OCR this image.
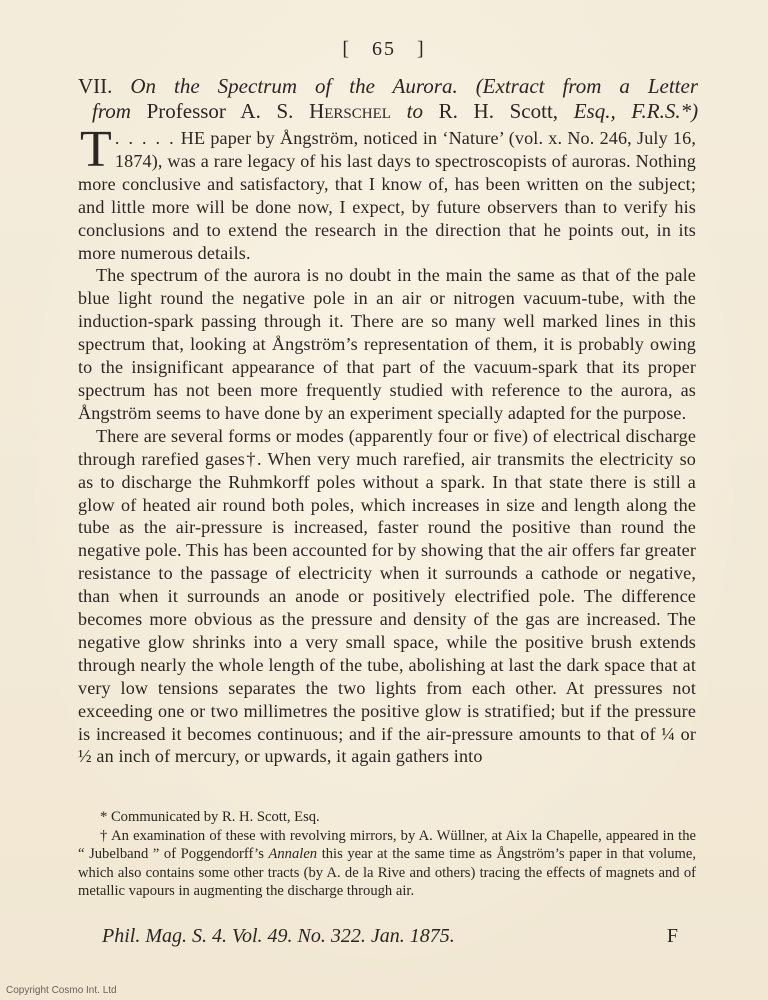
[ 65 ]
VII. On the Spectrum of the Aurora. (Extract from a Letter
from Professor A. S. Herschel to R. H. Scott, Esq., F.R.S.*)

. . . . .
T	HE paper by Ångström, noticed in ‘Nature’ (vol. x. No. 246, July 16, 1874), was a rare legacy of his last days to spectroscopists of auroras. Nothing more conclusive and satisfactory, that I know of, has been written on the subject; and little more will be done now, I expect, by future observers than to verify his conclusions and to extend the research in the direction that he points out, in its more numerous details.

The spectrum of the aurora is no doubt in the main the same as that of the pale blue light round the negative pole in an air or nitrogen vacuum-tube, with the induction-spark passing through it. There are so many well marked lines in this spectrum that, looking at Ångström’s representation of them, it is probably owing to the insignificant appearance of that part of the vacuum-spark that its proper spectrum has not been more frequently studied with reference to the aurora, as Ångström seems to have done by an experiment specially adapted for the purpose.

There are several forms or modes (apparently four or five) of electrical discharge through rarefied gases†. When very much rarefied, air transmits the electricity so as to discharge the Ruhmkorff poles without a spark. In that state there is still a glow of heated air round both poles, which increases in size and length along the tube as the air-pressure is increased, faster round the positive than round the negative pole. This has been accounted for by showing that the air offers far greater resistance to the passage of electricity when it surrounds a cathode or negative, than when it surrounds an anode or positively electrified pole. The difference becomes more obvious as the pressure and density of the gas are increased. The negative glow shrinks into a very small space, while the positive brush extends through nearly the whole length of the tube, abolishing at last the dark space that at very low tensions separates the two lights from each other. At pressures not exceeding one or two millimetres the positive glow is stratified; but if the pressure is increased it becomes continuous; and if the air-pressure amounts to that of ¼ or ½ an inch of mercury, or upwards, it again gathers into

* Communicated by R. H. Scott, Esq.

† An examination of these with revolving mirrors, by A. Wüllner, at Aix la Chapelle, appeared in the “ Jubelband ” of Poggendorff’s Annalen this year at the same time as Ångström’s paper in that volume, which also contains some other tracts (by A. de la Rive and others) tracing the effects of magnets and of metallic vapours in augmenting the discharge through air.

Phil. Mag. S. 4. Vol. 49. No. 322. Jan. 1875.	F
Copyright Cosmo Int. Ltd
